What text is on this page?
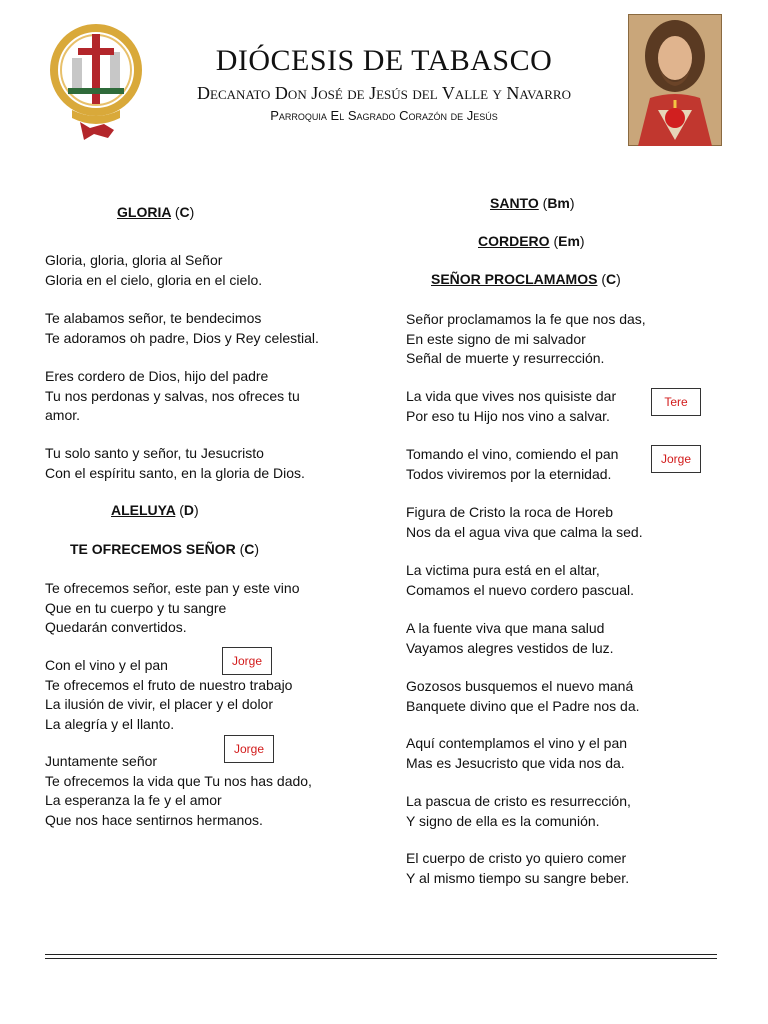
DIÓCESIS DE TABASCO
Decanato Don José de Jesús del Valle y Navarro
Parroquia El Sagrado Corazón de Jesús
GLORIA (C)
Gloria, gloria, gloria al Señor
Gloria en el cielo, gloria en el cielo.
Te alabamos señor, te bendecimos
Te adoramos oh padre, Dios y Rey celestial.
Eres cordero de Dios, hijo del padre
Tu nos perdonas y salvas, nos ofreces tu
amor.
Tu solo santo y señor, tu Jesucristo
Con el espíritu santo, en la gloria de Dios.
ALELUYA (D)
TE OFRECEMOS SEÑOR (C)
Te ofrecemos señor, este pan y este vino
Que en tu cuerpo y tu sangre
Quedarán convertidos.
Con el vino y el pan
Te ofrecemos el fruto de nuestro trabajo
La ilusión de vivir, el placer y el dolor
La alegría y el llanto.
Juntamente señor
Te ofrecemos la vida que Tu nos has dado,
La esperanza la fe y el amor
Que nos hace sentirnos hermanos.
Jorge
Jorge
SANTO (Bm)
CORDERO (Em)
SEÑOR PROCLAMAMOS (C)
Señor proclamamos la fe que nos das,
En este signo de mi salvador
Señal de muerte y resurrección.
La vida que vives nos quisiste dar
Por eso tu Hijo nos vino a salvar.
Tomando el vino, comiendo el pan
Todos viviremos por la eternidad.
Figura de Cristo la roca de Horeb
Nos da el agua viva que calma la sed.
La victima pura está en el altar,
Comamos el nuevo cordero pascual.
A la fuente viva que mana salud
Vayamos alegres vestidos de luz.
Gozosos busquemos el nuevo maná
Banquete divino que el Padre nos da.
Aquí contemplamos el vino y el pan
Mas es Jesucristo que vida nos da.
La pascua de cristo es resurrección,
Y signo de ella es la comunión.
El cuerpo de cristo yo quiero comer
Y al mismo tiempo su sangre beber.
Tere
Jorge
